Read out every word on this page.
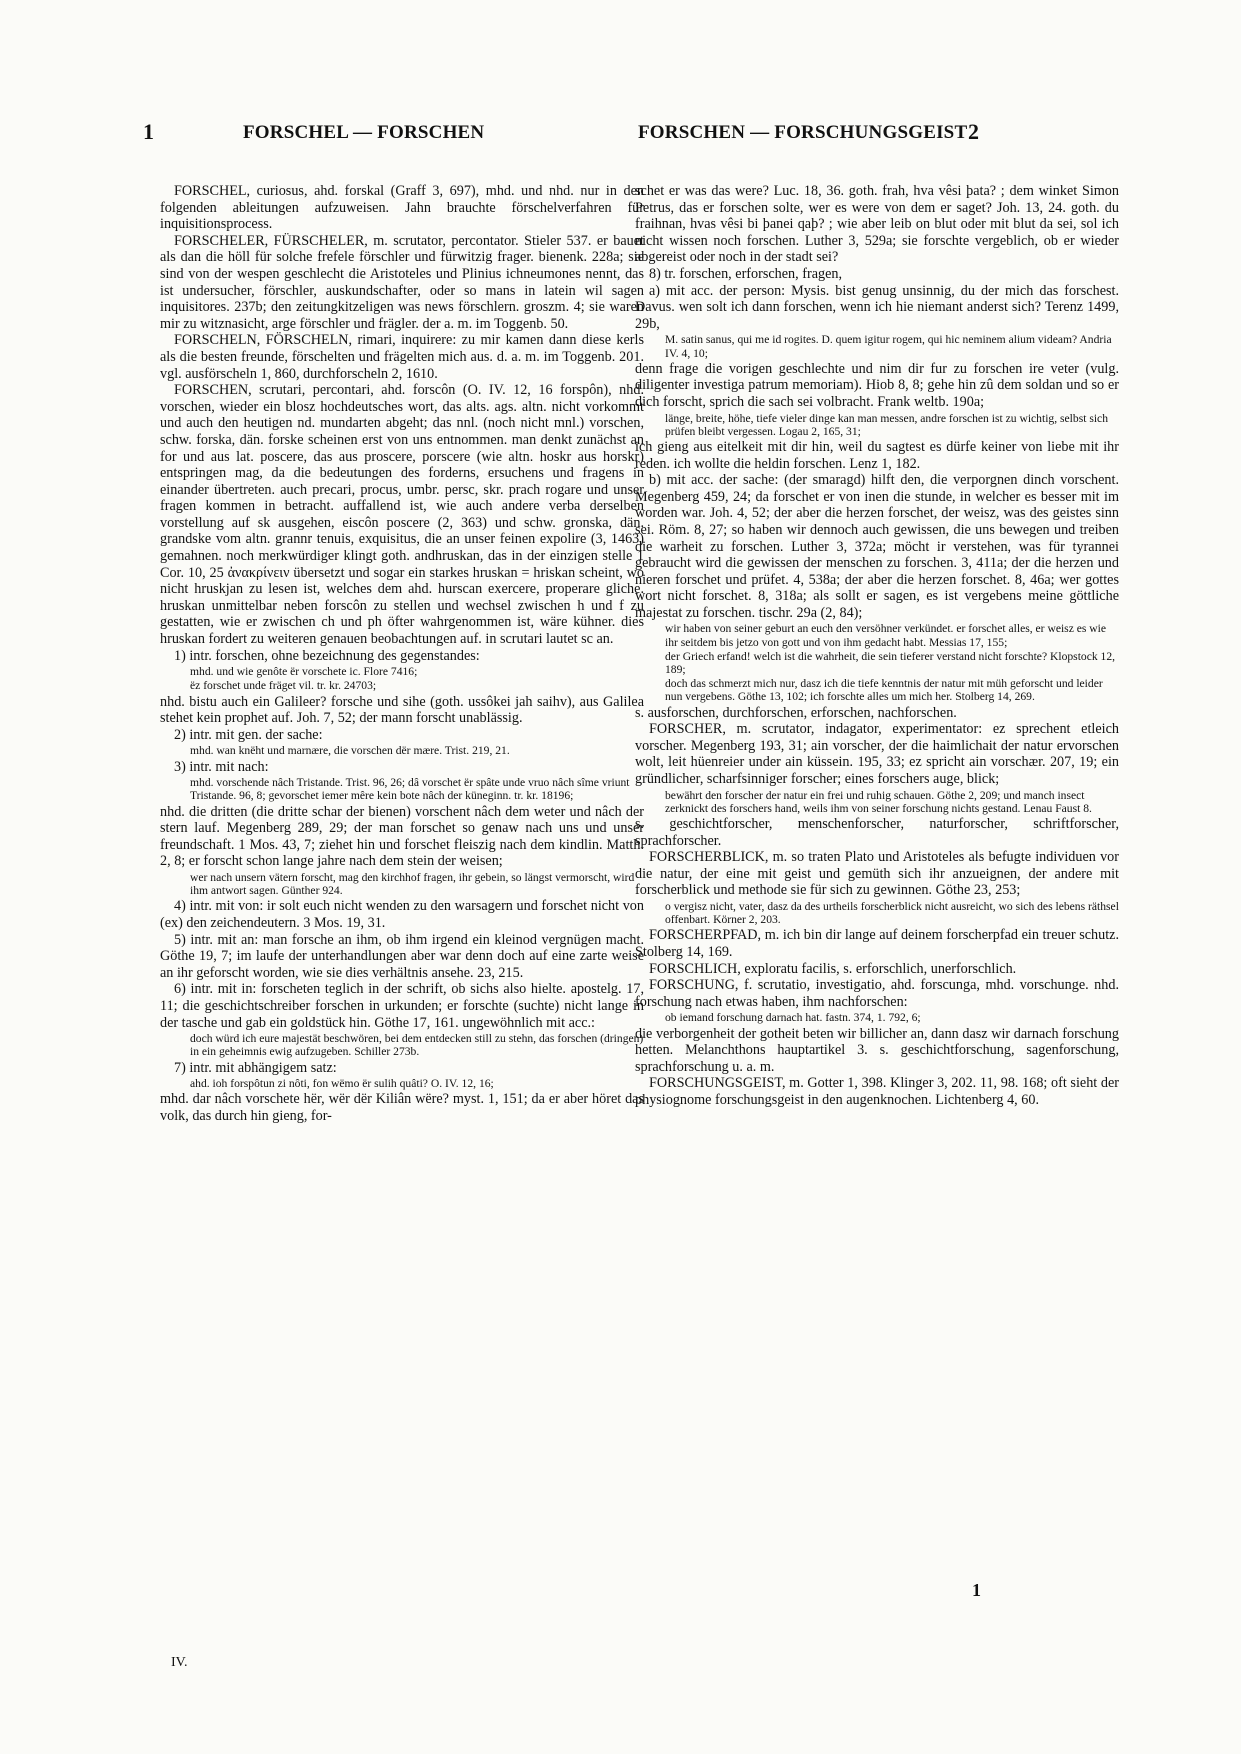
1	FORSCHEL — FORSCHEN	FORSCHEN — FORSCHUNGSGEIST 2

FORSCHEL, curiosus, ahd. forskal (Graff 3, 697), mhd. und nhd. nur in den folgenden ableitungen aufzuweisen. Jahn brauchte förschelverfahren für inquisitionsprocess.

FORSCHELER, FÜRSCHELER, m. scrutator, percontator. Stieler 537. er bauet als dan die höll für solche frefele förschler und fürwitzig frager. bienenk. 228a; sie sind von der wespen geschlecht die Aristoteles und Plinius ichneumones nennt, das ist undersucher, förschler, auskundschafter, oder so mans in latein wil sagen inquisitores. 237b; den zeitungkitzeligen was news förschlern. groszm. 4; sie waren mir zu witznasicht, arge förschler und frägler. der a. m. im Toggenb. 50.

FORSCHELN, FÖRSCHELN, rimari, inquirere: zu mir kamen dann diese kerls als die besten freunde, förschelten und frägelten mich aus. d. a. m. im Toggenb. 201. vgl. ausförscheln 1, 860, durchforscheln 2, 1610.

FORSCHEN, scrutari, percontari, ahd. forscôn (O. IV. 12, 16 forspôn), nhd. vorschen, wieder ein blosz hochdeutsches wort, das alts. ags. altn. nicht vorkommt und auch den heutigen nd. mundarten abgeht; das nnl. (noch nicht mnl.) vorschen, schw. forska, dän. forske scheinen erst von uns entnommen. man denkt zunächst an for und aus lat. poscere, das aus proscere, porscere (wie altn. hoskr aus horskr) entspringen mag, da die bedeutungen des forderns, ersuchens und fragens in einander übertreten. auch precari, procus, umbr. persc, skr. prach rogare und unser fragen kommen in betracht. auffallend ist, wie auch andere verba derselben vorstellung auf sk ausgehen, eiscôn poscere (2, 363) und schw. gronska, dän. grandske vom altn. grannr tenuis, exquisitus, die an unser feinen expolire (3, 1463) gemahnen. noch merkwürdiger klingt goth. andhruskan, das in der einzigen stelle 1 Cor. 10, 25 ἀνακρίνειν übersetzt und sogar ein starkes hruskan = hriskan scheint, wo nicht hruskjan zu lesen ist, welches dem ahd. hurscan exercere, properare gliche. hruskan unmittelbar neben forscôn zu stellen und wechsel zwischen h und f zu gestatten, wie er zwischen ch und ph öfter wahrgenommen ist, wäre kühner. dies hruskan fordert zu weiteren genauen beobachtungen auf. in scrutari lautet sc an.

1) intr. forschen, ohne bezeichnung des gegenstandes:

mhd. und wie genôte ër vorschete ic. Flore 7416;
ëz forschet unde fräget vil. tr. kr. 24703;

nhd. bistu auch ein Galileer? forsche und sihe (goth. ussôkei jah saihv), aus Galilea stehet kein prophet auf. Joh. 7, 52; der mann forscht unablässig.

2) intr. mit gen. der sache:

mhd. wan knëht und marnære, die vorschen dër mære. Trist. 219, 21.

3) intr. mit nach:

mhd. vorschende nâch Tristande. Trist. 96, 26; dâ vorschet ër spâte unde vruo nâch sîme vriunt Tristande. 96, 8; gevorschet iemer mêre kein bote nâch der küneginn. tr. kr. 18196;

nhd. die dritten (die dritte schar der bienen) vorschent nâch dem weter und nâch der stern lauf. Megenberg 289, 29; der man forschet so genaw nach uns und unser freundschaft. 1 Mos. 43, 7; ziehet hin und forschet fleiszig nach dem kindlin. Matth. 2, 8; er forscht schon lange jahre nach dem stein der weisen;

wer nach unsern vätern forscht, mag den kirchhof fragen, ihr gebein, so längst vermorscht, wird ihm antwort sagen. Günther 924.

4) intr. mit von: ir solt euch nicht wenden zu den warsagern und forschet nicht von (ex) den zeichendeutern. 3 Mos. 19, 31.

5) intr. mit an: man forsche an ihm, ob ihm irgend ein kleinod vergnügen macht. Göthe 19, 7; im laufe der unterhandlungen aber war denn doch auf eine zarte weise an ihr geforscht worden, wie sie dies verhältnis ansehe. 23, 215.

6) intr. mit in: forscheten teglich in der schrift, ob sichs also hielte. apostelg. 17, 11; die geschichtschreiber forschen in urkunden; er forschte (suchte) nicht lange in der tasche und gab ein goldstück hin. Göthe 17, 161. ungewöhnlich mit acc.:

doch würd ich eure majestät beschwören, bei dem entdecken still zu stehn, das forschen (dringen) in ein geheimnis ewig aufzugeben. Schiller 273b.

7) intr. mit abhängigem satz:

ahd. ioh forspôtun zi nôti, fon wëmo ër sulih quâti? O. IV. 12, 16;

mhd. dar nâch vorschete hër, wër dër Kiliân wëre? myst. 1, 151; da er aber höret das volk, das durch hin gieng, for-

schet er was das were? Luc. 18, 36. goth. frah, hva vêsi þata? ; dem winket Simon Petrus, das er forschen solte, wer es were von dem er saget? Joh. 13, 24. goth. du fraihnan, hvas vêsi bi þanei qaþ? ; wie aber leib on blut oder mit blut da sei, sol ich nicht wissen noch forschen. Luther 3, 529a; sie forschte vergeblich, ob er wieder abgereist oder noch in der stadt sei?

8) tr. forschen, erforschen, fragen,

a) mit acc. der person: Mysis. bist genug unsinnig, du der mich das forschest. Davus. wen solt ich dann forschen, wenn ich hie niemant anderst sich? Terenz 1499, 29b,

M. satin sanus, qui me id rogites. D. quem igitur rogem, qui hic neminem alium videam? Andria IV. 4, 10;

denn frage die vorigen geschlechte und nim dir fur zu forschen ire veter (vulg. diligenter investiga patrum memoriam). Hiob 8, 8; gehe hin zû dem soldan und so er dich forscht, sprich die sach sei volbracht. Frank weltb. 190a;

länge, breite, höhe, tiefe vieler dinge kan man messen, andre forschen ist zu wichtig, selbst sich prüfen bleibt vergessen. Logau 2, 165, 31;

ich gieng aus eitelkeit mit dir hin, weil du sagtest es dürfe keiner von liebe mit ihr reden. ich wollte die heldin forschen. Lenz 1, 182.

b) mit acc. der sache: (der smaragd) hilft den, die verporgnen dinch vorschent. Megenberg 459, 24; da forschet er von inen die stunde, in welcher es besser mit im worden war. Joh. 4, 52; der aber die herzen forschet, der weisz, was des geistes sinn sei. Röm. 8, 27; so haben wir dennoch auch gewissen, die uns bewegen und treiben die warheit zu forschen. Luther 3, 372a; möcht ir verstehen, was für tyrannei gebraucht wird die gewissen der menschen zu forschen. 3, 411a; der die herzen und nieren forschet und prüfet. 4, 538a; der aber die herzen forschet. 8, 46a; wer gottes wort nicht forschet. 8, 318a; als sollt er sagen, es ist vergebens meine göttliche majestat zu forschen. tischr. 29a (2, 84);

wir haben von seiner geburt an euch den versöhner verkündet. er forschet alles, er weisz es wie ihr seitdem bis jetzo von gott und von ihm gedacht habt. Messias 17, 155;
der Griech erfand! welch ist die wahrheit, die sein tieferer verstand nicht forschte? Klopstock 12, 189;
doch das schmerzt mich nur, dasz ich die tiefe kenntnis der natur mit müh geforscht und leider nun vergebens. Göthe 13, 102; ich forschte alles um mich her. Stolberg 14, 269.

s. ausforschen, durchforschen, erforschen, nachforschen.

FORSCHER, m. scrutator, indagator, experimentator: ez sprechent etleich vorscher. Megenberg 193, 31; ain vorscher, der die haimlichait der natur ervorschen wolt, leit hüenreier under ain küssein. 195, 33; ez spricht ain vorschær. 207, 19; ein gründlicher, scharfsinniger forscher; eines forschers auge, blick;

bewährt den forscher der natur ein frei und ruhig schauen. Göthe 2, 209; und manch insect zerknickt des forschers hand, weils ihm von seiner forschung nichts gestand. Lenau Faust 8.

s. geschichtforscher, menschenforscher, naturforscher, schriftforscher, sprachforscher.

FORSCHERBLICK, m. so traten Plato und Aristoteles als befugte individuen vor die natur, der eine mit geist und gemüth sich ihr anzueignen, der andere mit forscherblick und methode sie für sich zu gewinnen. Göthe 23, 253;

o vergisz nicht, vater, dasz da des urtheils forscherblick nicht ausreicht, wo sich des lebens räthsel offenbart. Körner 2, 203.

FORSCHERPFAD, m. ich bin dir lange auf deinem forscherpfad ein treuer schutz. Stolberg 14, 169.

FORSCHLICH, exploratu facilis, s. erforschlich, unerforschlich.

FORSCHUNG, f. scrutatio, investigatio, ahd. forscunga, mhd. vorschunge. nhd. forschung nach etwas haben, ihm nachforschen:

ob iemand forschung darnach hat. fastn. 374, 1. 792, 6;

die verborgenheit der gotheit beten wir billicher an, dann dasz wir darnach forschung hetten. Melanchthons hauptartikel 3. s. geschichtforschung, sagenforschung, sprachforschung u. a. m.

FORSCHUNGSGEIST, m. Gotter 1, 398. Klinger 3, 202. 11, 98. 168; oft sieht der physiognome forschungsgeist in den augenknochen. Lichtenberg 4, 60.

IV.
1
